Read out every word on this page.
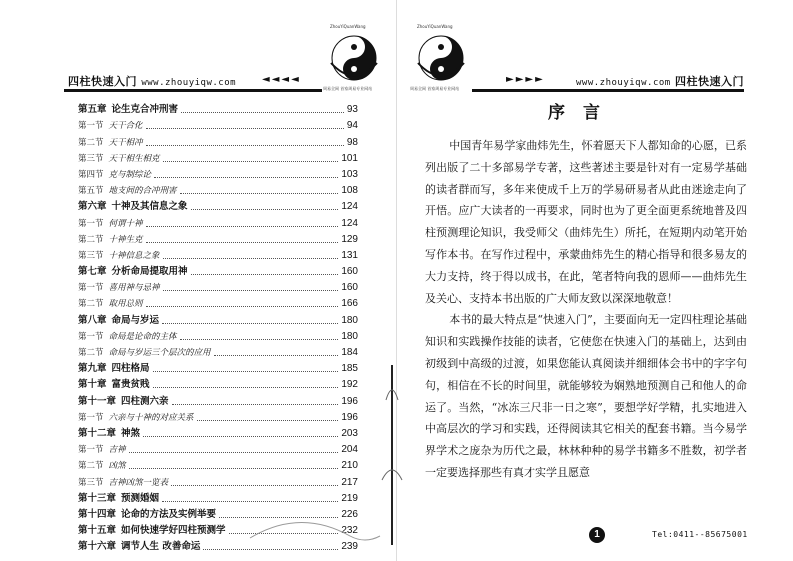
四柱快速入门 www.zhouyiqw.com	◄◄◄◄
ZhouYiQuanWang
周易全网 首家周易专业网站
第五章 论生克合冲刑害	93
第一节 天干合化	94
第二节 天干相冲	98
第三节 天干相生相克	101
第四节 克与制综论	103
第五节 地支间的合冲刑害	108
第六章 十神及其信息之象	124
第一节 何谓十神	124
第二节 十神生克	129
第三节 十神信息之象	131
第七章 分析命局提取用神	160
第一节 喜用神与忌神	160
第二节 取用总则	166
第八章 命局与岁运	180
第一节 命局是论命的主体	180
第二节 命局与岁运三个层次的应用	184
第九章 四柱格局	185
第十章 富贵贫贱	192
第十一章 四柱测六亲	196
第一节 六亲与十神的对应关系	196
第十二章 神煞	203
第一节 吉神	204
第二节 凶煞	210
第三节 吉神凶煞一览表	217
第十三章 预测婚姻	219
第十四章 论命的方法及实例举要	226
第十五章 如何快速学好四柱预测学	232
第十六章 调节人生 改善命运	239
ZhouYiQuanWang
周易全网 首家周易专业网站
►►►►	www.zhouyiqw.com 四柱快速入门
序言

中国青年易学家曲炜先生，怀着愿天下人都知命的心愿，已系列出版了二十多部易学专著，这些著述主要是针对有一定易学基础的读者群而写，多年来使成千上万的学易研易者从此由迷途走向了开悟。应广大读者的一再要求，同时也为了更全面更系统地普及四柱预测理论知识，我受师父（曲炜先生）所托，在短期内动笔开始写作本书。在写作过程中，承蒙曲炜先生的精心指导和很多易友的大力支持，终于得以成书，在此，笔者特向我的恩师——曲炜先生及关心、支持本书出版的广大师友致以深深地敬意！

本书的最大特点是“快速入门”，主要面向无一定四柱理论基础知识和实践操作技能的读者，它使您在快速入门的基础上，达到由初级到中高级的过渡，如果您能认真阅读并细细体会书中的字字句句，相信在不长的时间里，就能够较为娴熟地预测自己和他人的命运了。当然，“冰冻三尺非一日之寒”，要想学好学精，扎实地进入中高层次的学习和实践，还得阅读其它相关的配套书籍。当今易学界学术之庞杂为历代之最，林林种种的易学书籍多不胜数，初学者一定要选择那些有真才实学且愿意

1	Tel:0411--85675001
